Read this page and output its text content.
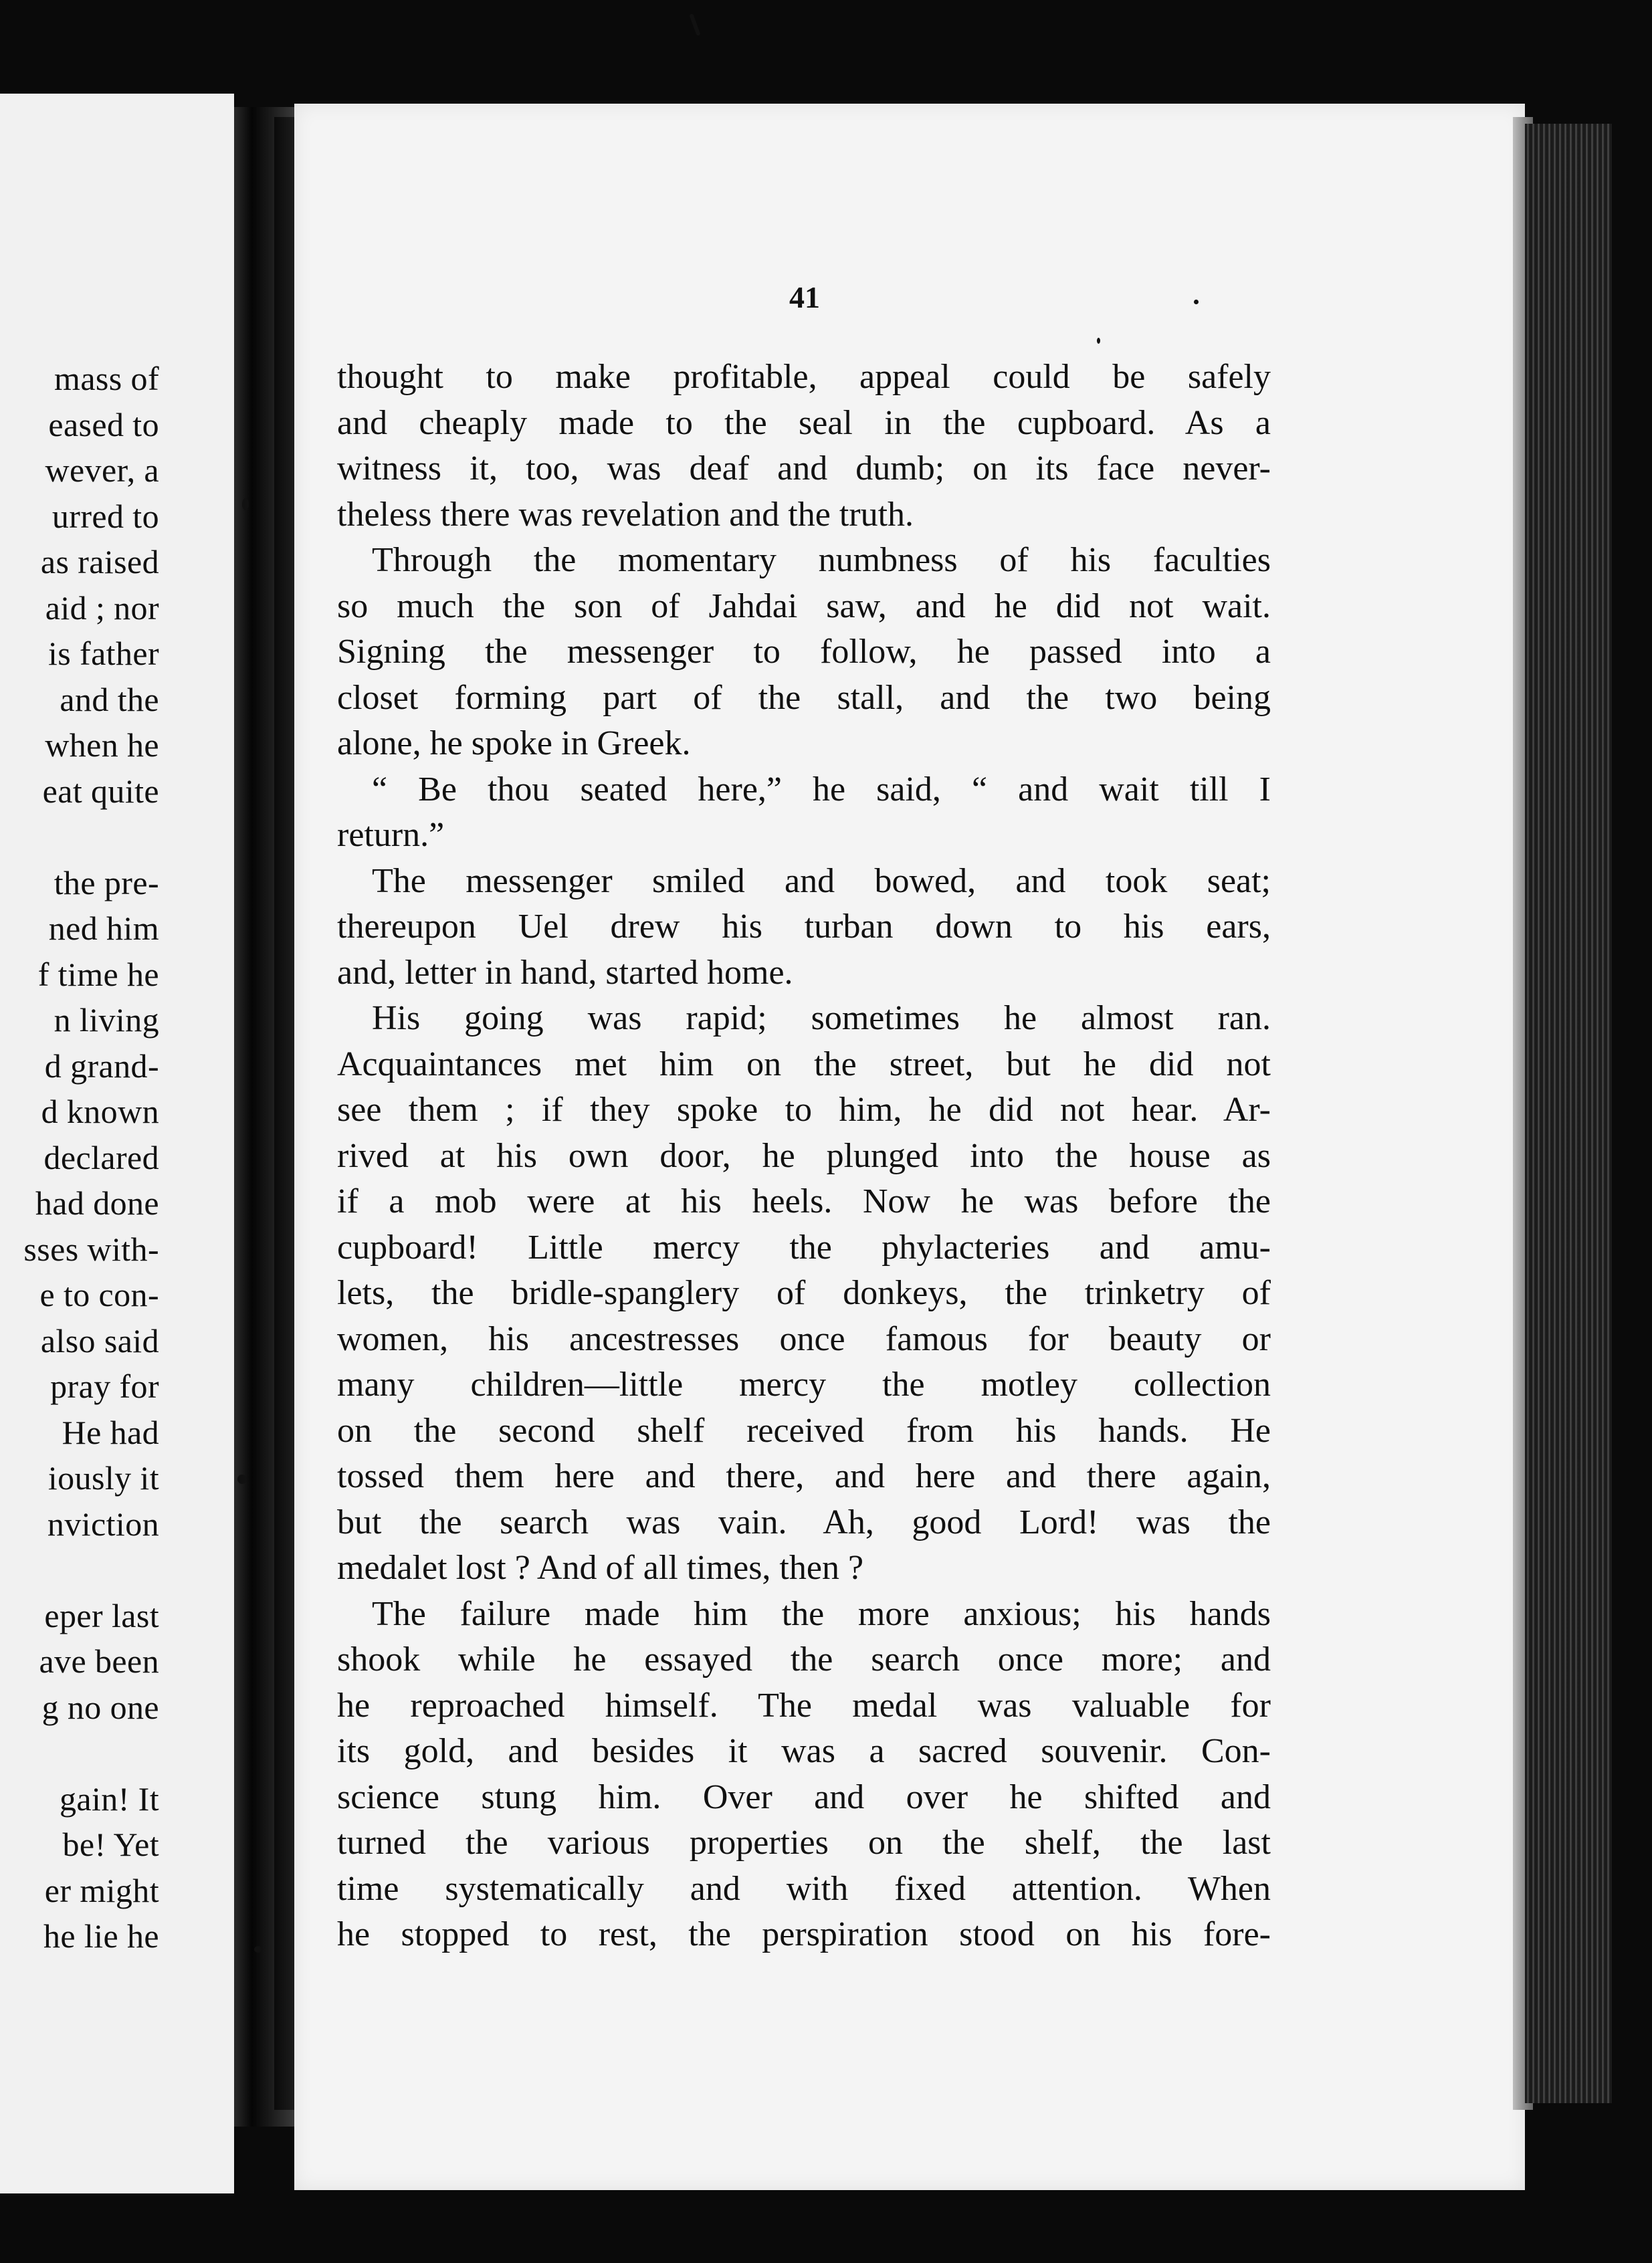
mass of
eased to
wever, a
urred to
as raised
aid ; nor
is father
and the
when he
eat quite
the pre-
ned him
f time he
n living
d grand-
d known
declared
had done
sses with-
e to con-
also said
pray for
He had
iously it
nviction
eper last
ave been
g no one
gain! It
be! Yet
er might
he lie he
41
thought to make profitable, appeal could be safely
and cheaply made to the seal in the cupboard. As a
witness it, too, was deaf and dumb; on its face never-
theless there was revelation and the truth.
Through the momentary numbness of his faculties
so much the son of Jahdai saw, and he did not wait.
Signing the messenger to follow, he passed into a
closet forming part of the stall, and the two being
alone, he spoke in Greek.
“ Be thou seated here,” he said, “ and wait till I
return.”
The messenger smiled and bowed, and took seat;
thereupon Uel drew his turban down to his ears,
and, letter in hand, started home.
His going was rapid; sometimes he almost ran.
Acquaintances met him on the street, but he did not
see them ; if they spoke to him, he did not hear. Ar-
rived at his own door, he plunged into the house as
if a mob were at his heels. Now he was before the
cupboard! Little mercy the phylacteries and amu-
lets, the bridle-spanglery of donkeys, the trinketry of
women, his ancestresses once famous for beauty or
many children—little mercy the motley collection
on the second shelf received from his hands. He
tossed them here and there, and here and there again,
but the search was vain. Ah, good Lord! was the
medalet lost ? And of all times, then ?
The failure made him the more anxious; his hands
shook while he essayed the search once more; and
he reproached himself. The medal was valuable for
its gold, and besides it was a sacred souvenir. Con-
science stung him. Over and over he shifted and
turned the various properties on the shelf, the last
time systematically and with fixed attention. When
he stopped to rest, the perspiration stood on his fore-
